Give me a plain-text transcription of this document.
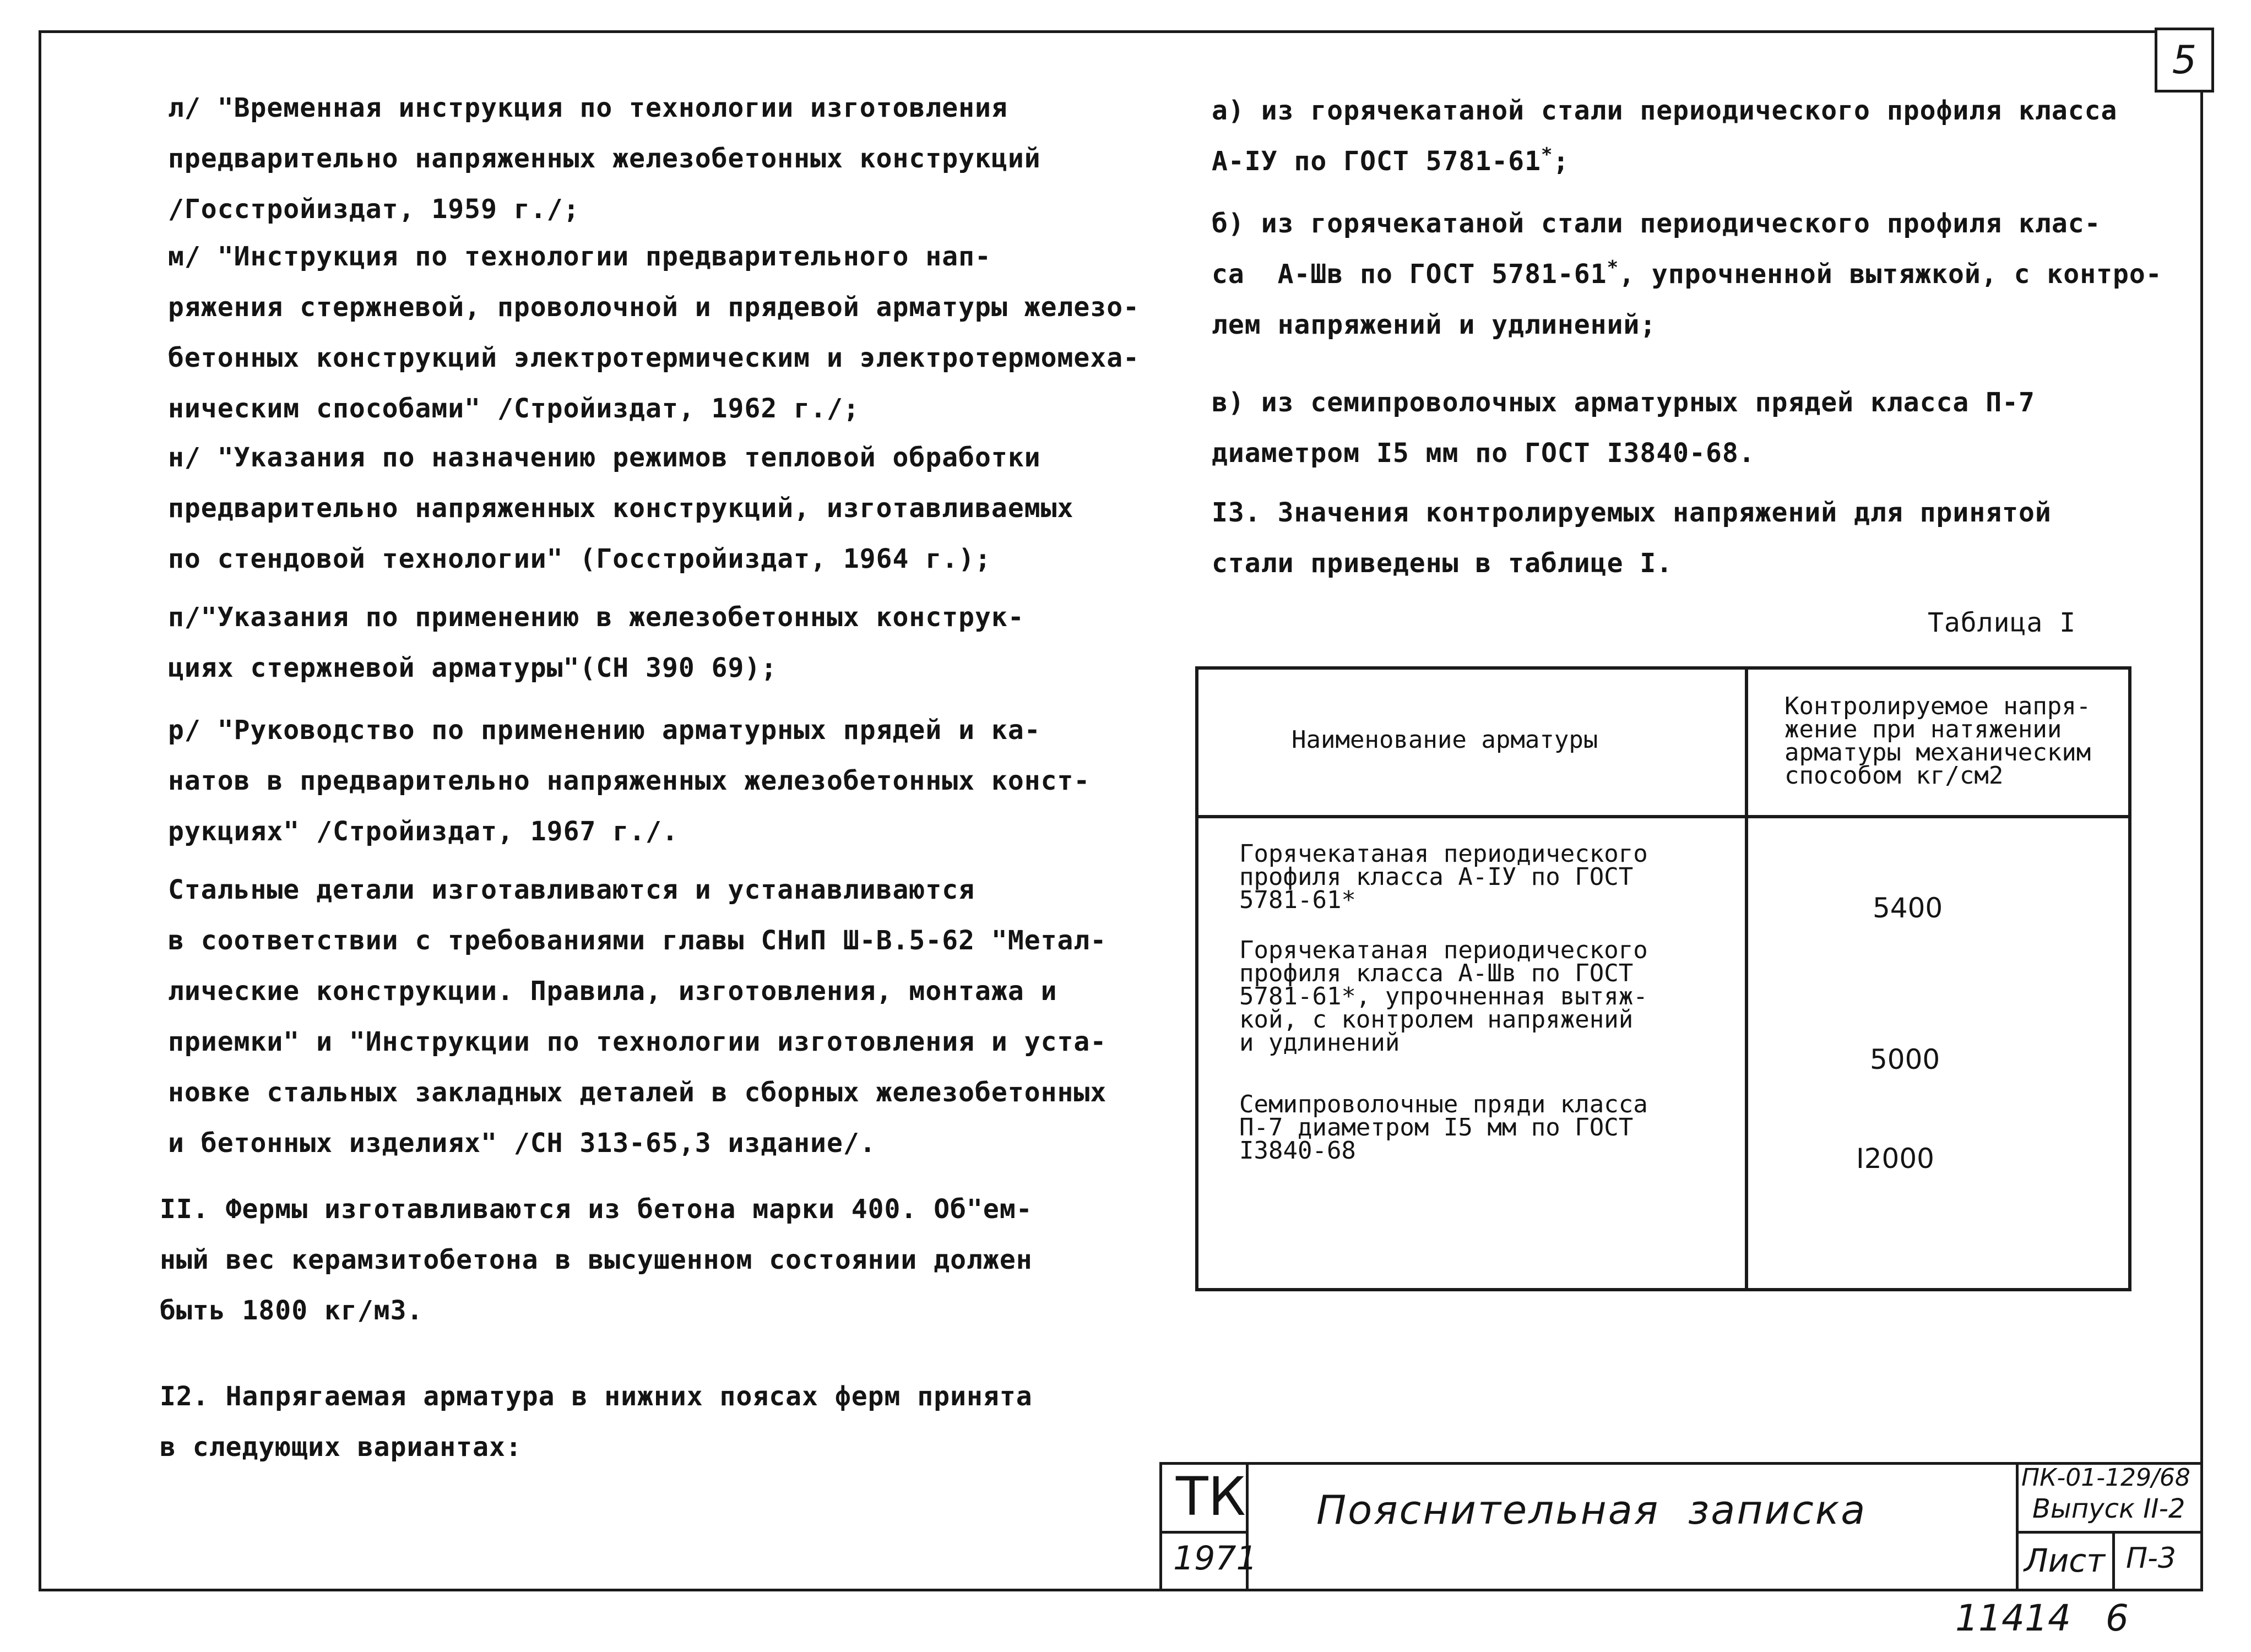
5

л/ "Временная инструкция по технологии изготовления
предварительно напряженных железобетонных конструкций
/Госстройиздат, 1959 г./;

м/ "Инструкция по технологии предварительного нап-
ряжения стержневой, проволочной и прядевой арматуры железо-
бетонных конструкций электротермическим и электротермомеха-
ническим способами" /Стройиздат, 1962 г./;

н/ "Указания по назначению режимов тепловой обработки
предварительно напряженных конструкций, изготавливаемых
по стендовой технологии" (Госстройиздат, 1964 г.);

п/"Указания по применению в железобетонных конструк-
циях стержневой арматуры"(СН 390 69);

р/ "Руководство по применению арматурных прядей и ка-
натов в предварительно напряженных железобетонных конст-
рукциях" /Стройиздат, 1967 г./.

Стальные детали изготавливаются и устанавливаются
в соответствии с требованиями главы СНиП Ш-В.5-62 "Метал-
лические конструкции. Правила, изготовления, монтажа и
приемки" и "Инструкции по технологии изготовления и уста-
новке стальных закладных деталей в сборных железобетонных
и бетонных изделиях" /СН 313-65,3 издание/.

II. Фермы изготавливаются из бетона марки 400. Об"ем-
ный вес керамзитобетона в высушенном состоянии должен
быть 1800 кг/м3.

I2. Напрягаемая арматура в нижних поясах ферм принята
в следующих вариантах:

а) из горячекатаной стали периодического профиля класса
А-IУ по ГОСТ 5781-61*;

б) из горячекатаной стали периодического профиля клас-
са  А-Шв по ГОСТ 5781-61*, упрочненной вытяжкой, с контро-
лем напряжений и удлинений;

в) из семипроволочных арматурных прядей класса П-7
диаметром I5 мм по ГОСТ I3840-68.

I3. Значения контролируемых напряжений для принятой
стали приведены в таблице I.

Таблица I

Наименование арматуры
Контролируемое напря-
жение при натяжении
арматуры механическим
способом кг/см2
Горячекатаная периодического
профиля класса А-IУ по ГОСТ
5781-61*	5400
Горячекатаная периодического
профиля класса А-Шв по ГОСТ
5781-61*, упрочненная вытяж-
кой, с контролем напряжений
и удлинений
5000
Семипроволочные пряди класса
П-7 диаметром I5 мм по ГОСТ
I3840-68	I2000
ТК
1971
Пояснительная  записка
ПК-01-129/68
Выпуск II-2
Лист П-3
11414   6
